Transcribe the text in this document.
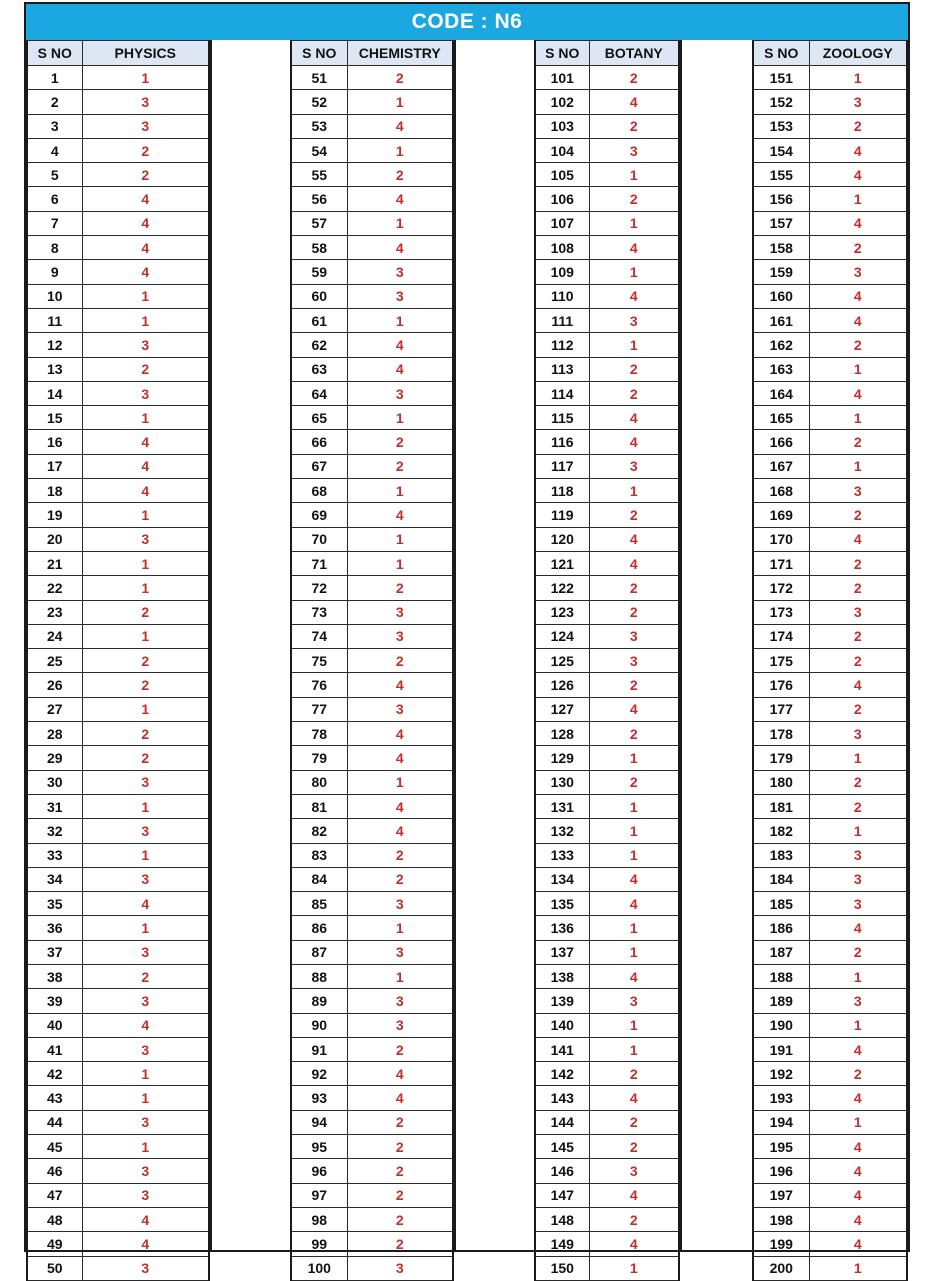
CODE : N6
S NO	PHYSICS
1	1
2	3
3	3
4	2
5	2
6	4
7	4
8	4
9	4
10	1
11	1
12	3
13	2
14	3
15	1
16	4
17	4
18	4
19	1
20	3
21	1
22	1
23	2
24	1
25	2
26	2
27	1
28	2
29	2
30	3
31	1
32	3
33	1
34	3
35	4
36	1
37	3
38	2
39	3
40	4
41	3
42	1
43	1
44	3
45	1
46	3
47	3
48	4
49	4
50	3
S NO	CHEMISTRY
51	2
52	1
53	4
54	1
55	2
56	4
57	1
58	4
59	3
60	3
61	1
62	4
63	4
64	3
65	1
66	2
67	2
68	1
69	4
70	1
71	1
72	2
73	3
74	3
75	2
76	4
77	3
78	4
79	4
80	1
81	4
82	4
83	2
84	2
85	3
86	1
87	3
88	1
89	3
90	3
91	2
92	4
93	4
94	2
95	2
96	2
97	2
98	2
99	2
100	3
S NO	BOTANY
101	2
102	4
103	2
104	3
105	1
106	2
107	1
108	4
109	1
110	4
111	3
112	1
113	2
114	2
115	4
116	4
117	3
118	1
119	2
120	4
121	4
122	2
123	2
124	3
125	3
126	2
127	4
128	2
129	1
130	2
131	1
132	1
133	1
134	4
135	4
136	1
137	1
138	4
139	3
140	1
141	1
142	2
143	4
144	2
145	2
146	3
147	4
148	2
149	4
150	1
S NO	ZOOLOGY
151	1
152	3
153	2
154	4
155	4
156	1
157	4
158	2
159	3
160	4
161	4
162	2
163	1
164	4
165	1
166	2
167	1
168	3
169	2
170	4
171	2
172	2
173	3
174	2
175	2
176	4
177	2
178	3
179	1
180	2
181	2
182	1
183	3
184	3
185	3
186	4
187	2
188	1
189	3
190	1
191	4
192	2
193	4
194	1
195	4
196	4
197	4
198	4
199	4
200	1
